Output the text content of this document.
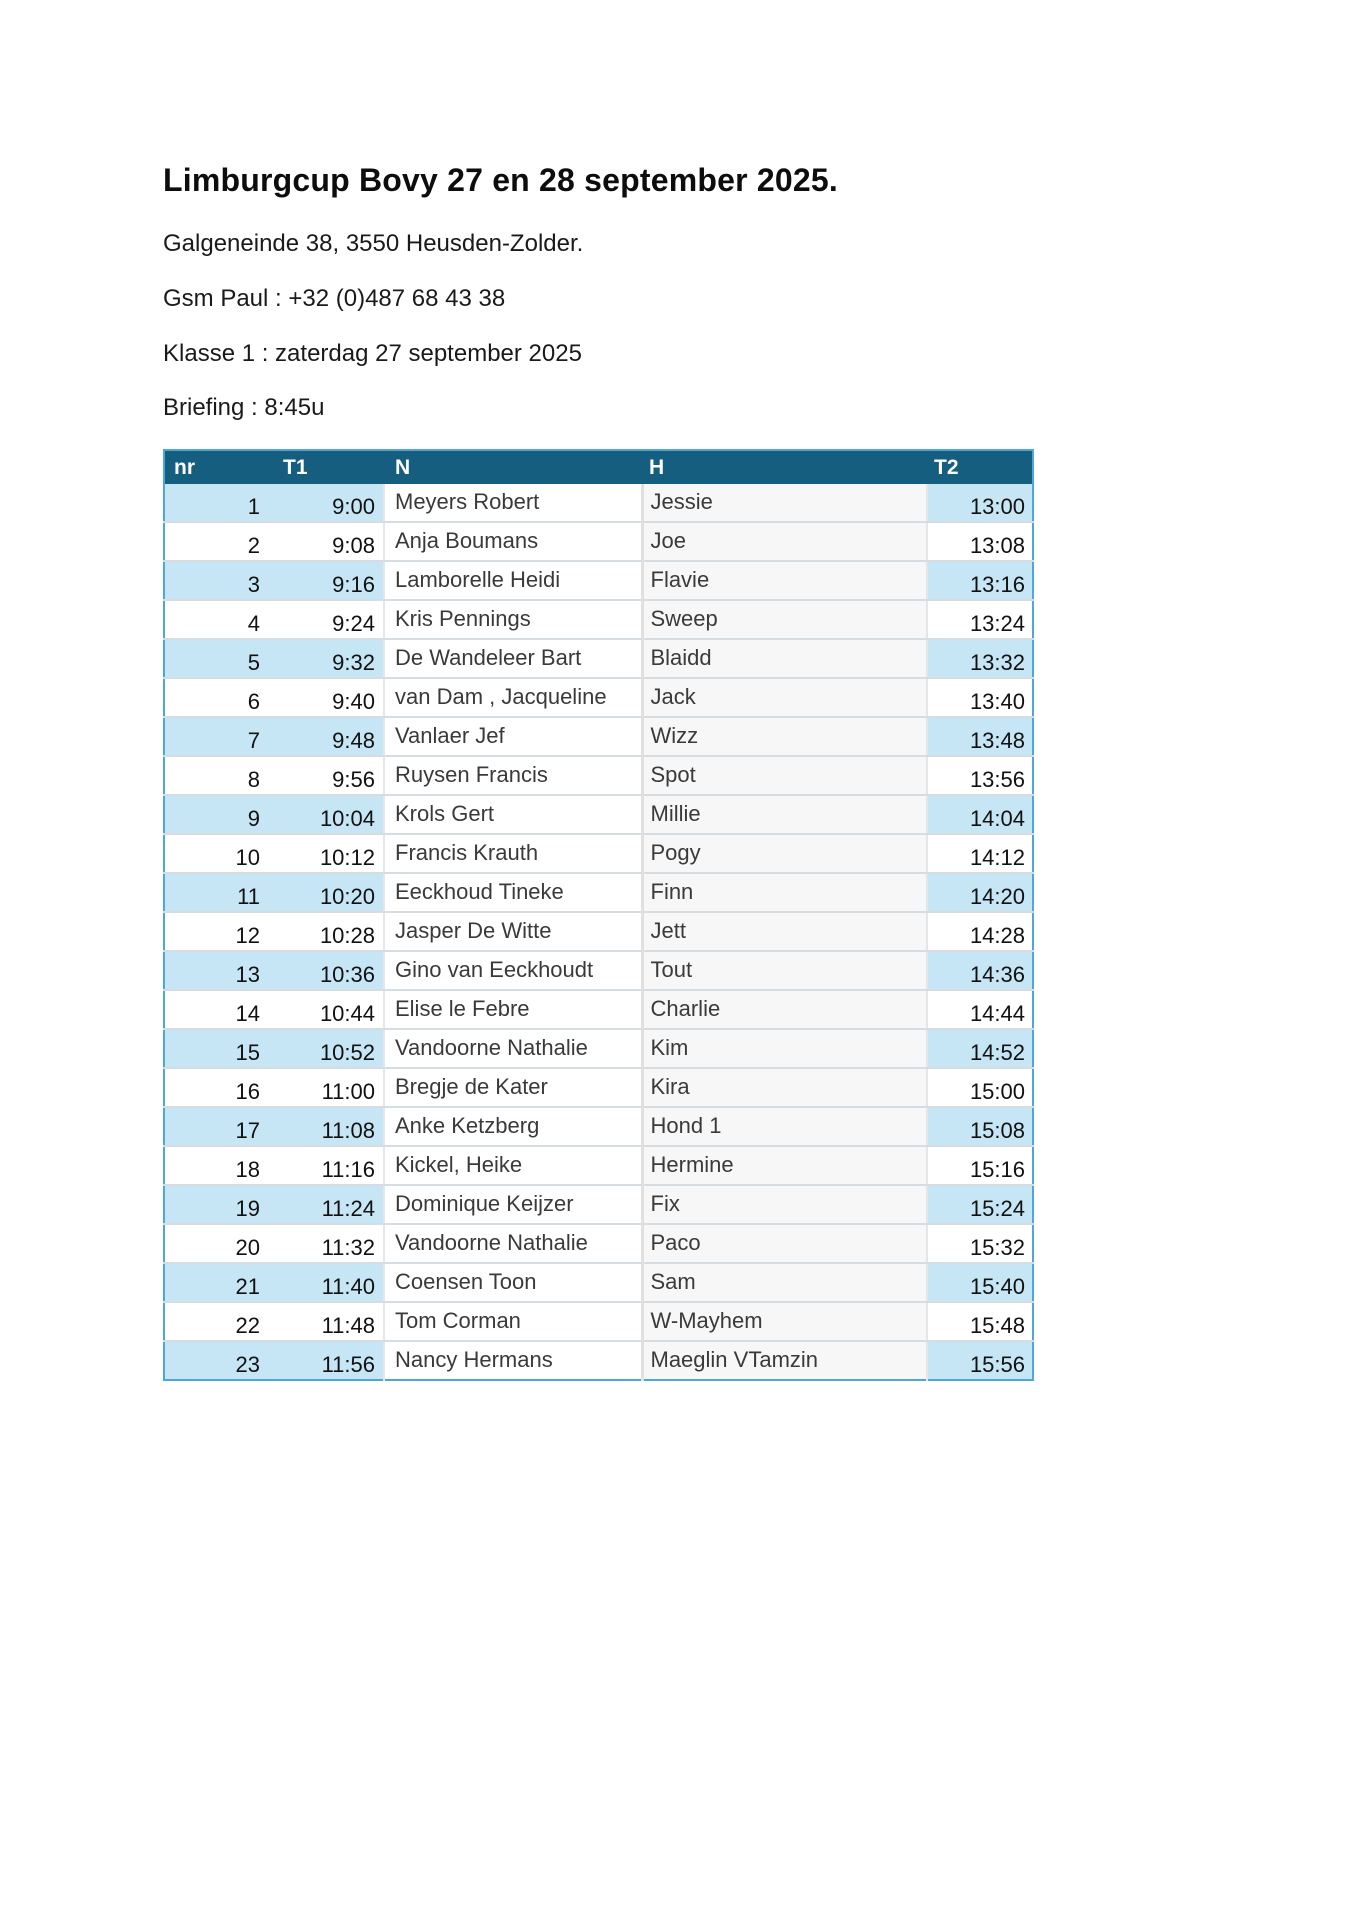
Limburgcup Bovy 27 en 28 september 2025.
Galgeneinde 38, 3550 Heusden-Zolder.
Gsm Paul : +32 (0)487 68 43 38
Klasse 1 : zaterdag 27 september 2025
Briefing : 8:45u
nr	T1	N	H	T2
1	9:00	Meyers Robert	Jessie	13:00
2	9:08	Anja Boumans	Joe	13:08
3	9:16	Lamborelle Heidi	Flavie	13:16
4	9:24	Kris Pennings	Sweep	13:24
5	9:32	De Wandeleer Bart	Blaidd	13:32
6	9:40	van Dam , Jacqueline	Jack	13:40
7	9:48	Vanlaer Jef	Wizz	13:48
8	9:56	Ruysen Francis	Spot	13:56
9	10:04	Krols Gert	Millie	14:04
10	10:12	Francis Krauth	Pogy	14:12
11	10:20	Eeckhoud Tineke	Finn	14:20
12	10:28	Jasper De Witte	Jett	14:28
13	10:36	Gino van Eeckhoudt	Tout	14:36
14	10:44	Elise le Febre	Charlie	14:44
15	10:52	Vandoorne Nathalie	Kim	14:52
16	11:00	Bregje de Kater	Kira	15:00
17	11:08	Anke Ketzberg	Hond 1	15:08
18	11:16	Kickel, Heike	Hermine	15:16
19	11:24	Dominique Keijzer	Fix	15:24
20	11:32	Vandoorne Nathalie	Paco	15:32
21	11:40	Coensen Toon	Sam	15:40
22	11:48	Tom Corman	W-Mayhem	15:48
23	11:56	Nancy Hermans	Maeglin VTamzin	15:56
